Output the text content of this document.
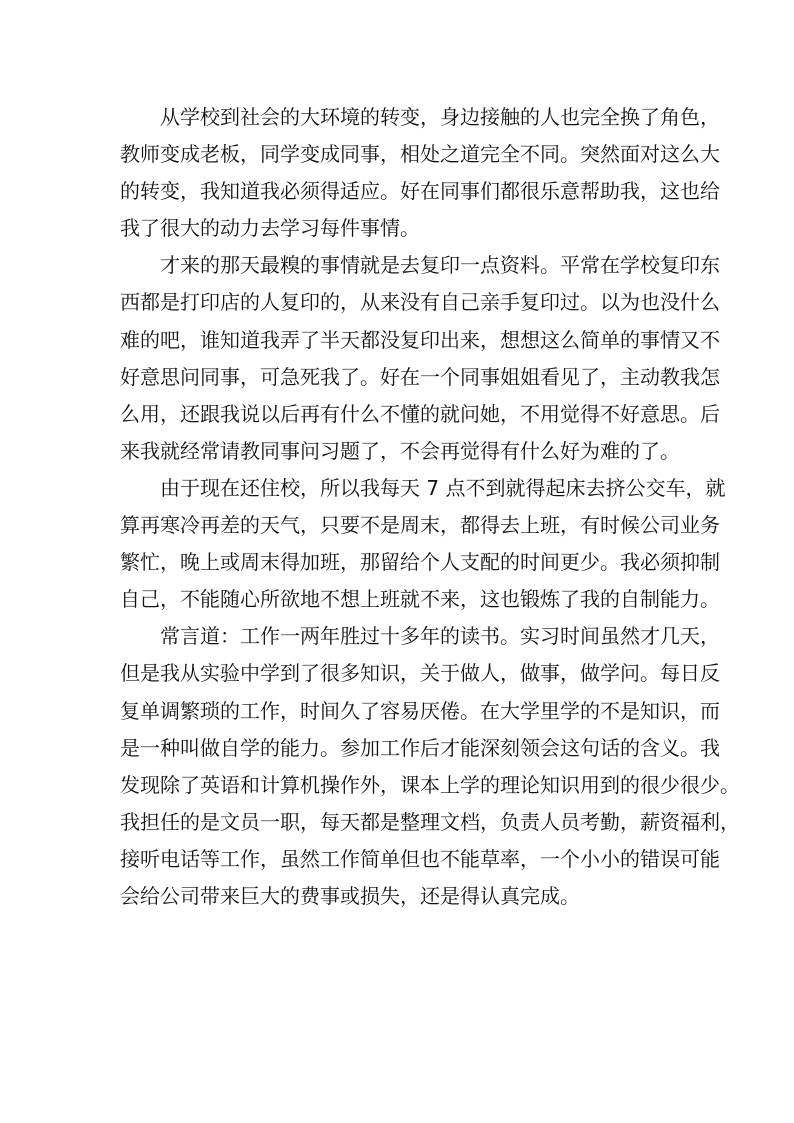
从学校到社会的大环境的转变，身边接触的人也完全换了角色，
教师变成老板，同学变成同事，相处之道完全不同。突然面对这么大
的转变，我知道我必须得适应。好在同事们都很乐意帮助我，这也给
我了很大的动力去学习每件事情。
才来的那天最糗的事情就是去复印一点资料。平常在学校复印东
西都是打印店的人复印的，从来没有自己亲手复印过。以为也没什么
难的吧，谁知道我弄了半天都没复印出来，想想这么简单的事情又不
好意思问同事，可急死我了。好在一个同事姐姐看见了，主动教我怎
么用，还跟我说以后再有什么不懂的就问她，不用觉得不好意思。后
来我就经常请教同事问习题了，不会再觉得有什么好为难的了。
由于现在还住校，所以我每天 7 点不到就得起床去挤公交车，就
算再寒冷再差的天气，只要不是周末，都得去上班，有时候公司业务
繁忙，晚上或周末得加班，那留给个人支配的时间更少。我必须抑制
自己，不能随心所欲地不想上班就不来，这也锻炼了我的自制能力。
常言道：工作一两年胜过十多年的读书。实习时间虽然才几天，
但是我从实验中学到了很多知识，关于做人，做事，做学问。每日反
复单调繁琐的工作，时间久了容易厌倦。在大学里学的不是知识，而
是一种叫做自学的能力。参加工作后才能深刻领会这句话的含义。我
发现除了英语和计算机操作外，课本上学的理论知识用到的很少很少。
我担任的是文员一职，每天都是整理文档，负责人员考勤，薪资福利，
接听电话等工作，虽然工作简单但也不能草率，一个小小的错误可能
会给公司带来巨大的费事或损失，还是得认真完成。
